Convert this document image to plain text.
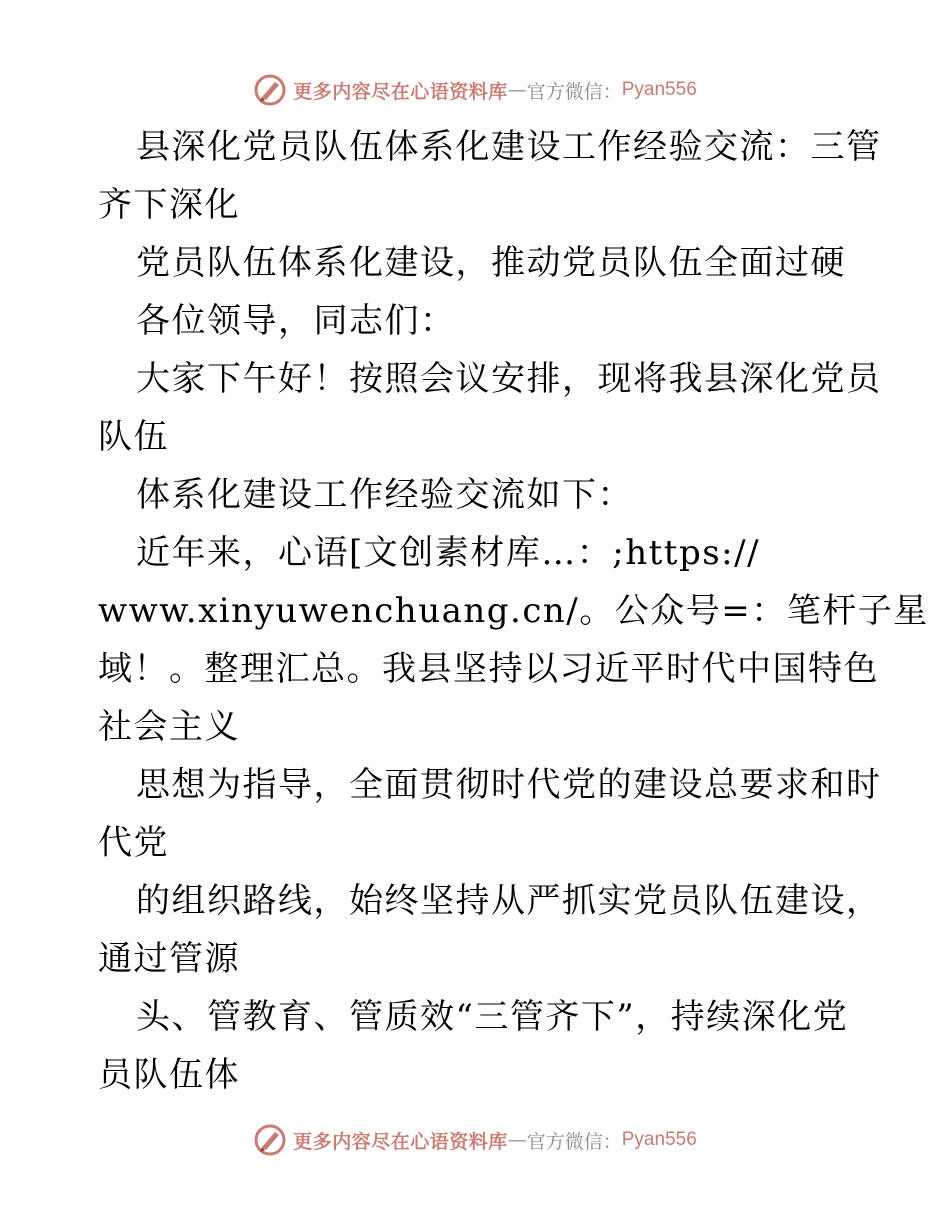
更多内容尽在心语资料库 — 官方微信： Pyan556
县深化党员队伍体系化建设工作经验交流：三管
齐下深化
党员队伍体系化建设，推动党员队伍全面过硬
各位领导，同志们：
大家下午好！按照会议安排，现将我县深化党员
队伍
体系化建设工作经验交流如下：
近年来，心语[文创素材库…：;https://
www.xinyuwenchuang.cn/。公众号=：笔杆子星
域！。整理汇总。我县坚持以习近平时代中国特色
社会主义
思想为指导，全面贯彻时代党的建设总要求和时
代党
的组织路线，始终坚持从严抓实党员队伍建设，
通过管源
头、管教育、管质效“三管齐下”，持续深化党
员队伍体
更多内容尽在心语资料库 — 官方微信： Pyan556
